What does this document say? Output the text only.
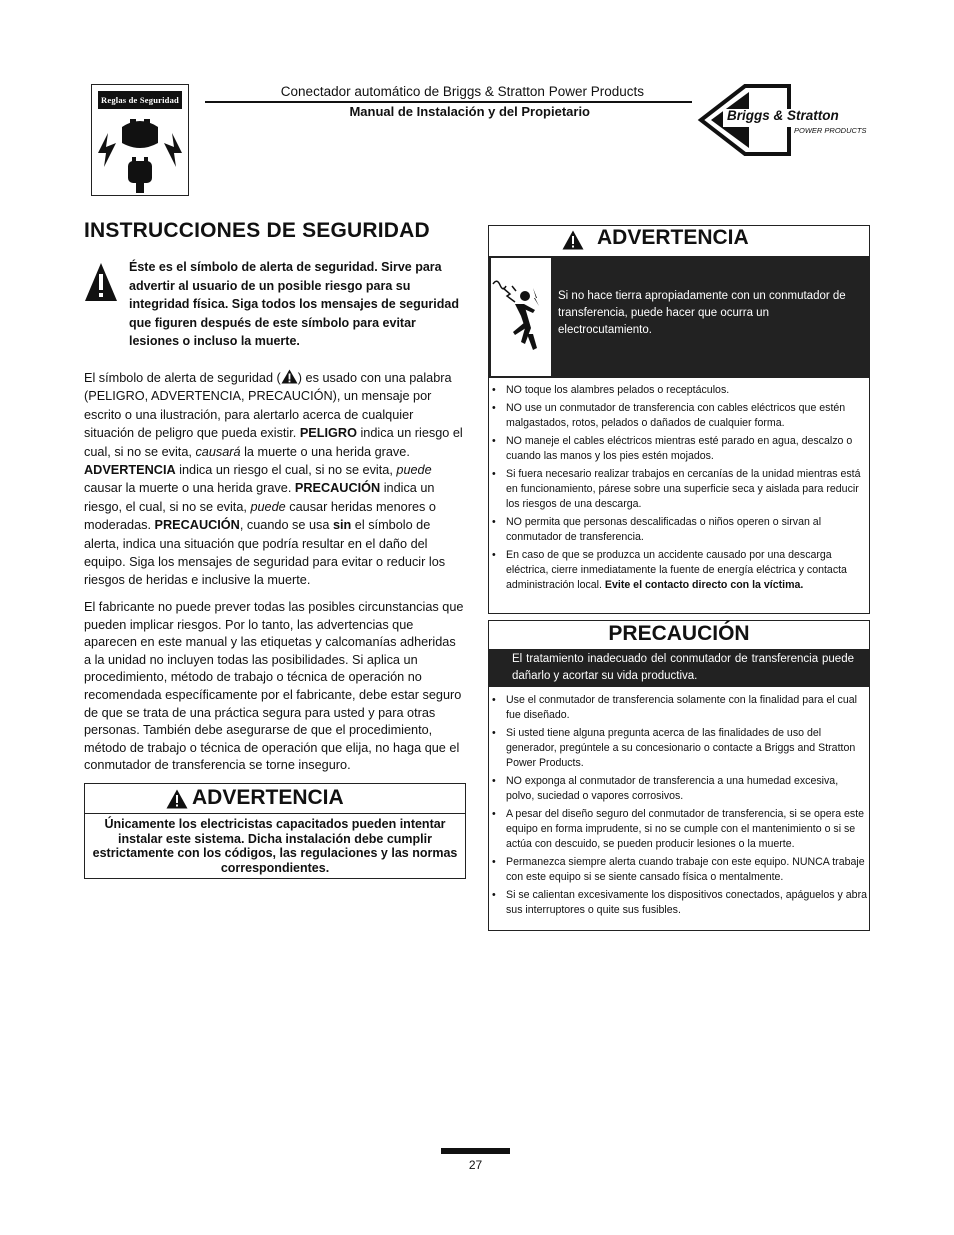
Reglas de Seguridad
Conectador automático de Briggs & Stratton Power Products
Manual de Instalación y del Propietario	Briggs & Stratton
POWER PRODUCTS
INSTRUCCIONES DE SEGURIDAD
Éste es el símbolo de alerta de seguridad. Sirve para advertir al usuario de un posible riesgo para su integridad física. Siga todos los mensajes de seguridad que figuren después de este símbolo para evitar lesiones o incluso la muerte.
El símbolo de alerta de seguridad ( ) es usado con una palabra (PELIGRO, ADVERTENCIA, PRECAUCIÓN), un mensaje por escrito o una ilustración, para alertarlo acerca de cualquier situación de peligro que pueda existir. PELIGRO indica un riesgo el cual, si no se evita, causará la muerte o una herida grave. ADVERTENCIA indica un riesgo el cual, si no se evita, puede causar la muerte o una herida grave. PRECAUCIÓN indica un riesgo, el cual, si no se evita, puede causar heridas menores o moderadas. PRECAUCIÓN, cuando se usa sin el símbolo de alerta, indica una situación que podría resultar en el daño del equipo. Siga los mensajes de seguridad para evitar o reducir los riesgos de heridas e inclusive la muerte.
El fabricante no puede prever todas las posibles circunstancias que pueden implicar riesgos. Por lo tanto, las advertencias que aparecen en este manual y las etiquetas y calcomanías adheridas a la unidad no incluyen todas las posibilidades. Si aplica un procedimiento, método de trabajo o técnica de operación no recomendada específicamente por el fabricante, debe estar seguro de que se trata de una práctica segura para usted y para otras personas. También debe asegurarse de que el procedimiento, método de trabajo o técnica de operación que elija, no haga que el conmutador de transferencia se torne inseguro.
ADVERTENCIA
Únicamente los electricistas capacitados pueden intentar instalar este sistema. Dicha instalación debe cumplir estrictamente con los códigos, las regulaciones y las normas correspondientes.
ADVERTENCIA
Si no hace tierra apropiadamente con un conmutador de transferencia, puede hacer que ocurra un electrocutamiento.
• NO toque los alambres pelados o receptáculos.
• NO use un conmutador de transferencia con cables eléctricos que estén malgastados, rotos, pelados o dañados de cualquier forma.
• NO maneje el cables eléctricos mientras esté parado en agua, descalzo o cuando las manos y los pies estén mojados.
• Si fuera necesario realizar trabajos en cercanías de la unidad mientras está en funcionamiento, párese sobre una superficie seca y aislada para reducir los riesgos de una descarga.
• NO permita que personas descalificadas o niños operen o sirvan al conmutador de transferencia.
• En caso de que se produzca un accidente causado por una descarga eléctrica, cierre inmediatamente la fuente de energía eléctrica y contacta administración local. Evite el contacto directo con la víctima.
PRECAUCIÓN
El tratamiento inadecuado del conmutador de transferencia puede dañarlo y acortar su vida productiva.
• Use el conmutador de transferencia solamente con la finalidad para el cual fue diseñado.
• Si usted tiene alguna pregunta acerca de las finalidades de uso del generador, pregúntele a su concesionario o contacte a Briggs and Stratton Power Products.
• NO exponga al conmutador de transferencia a una humedad excesiva, polvo, suciedad o vapores corrosivos.
• A pesar del diseño seguro del conmutador de transferencia, si se opera este equipo en forma imprudente, si no se cumple con el mantenimiento o si se actúa con descuido, se pueden producir lesiones o la muerte.
• Permanezca siempre alerta cuando trabaje con este equipo. NUNCA trabaje con este equipo si se siente cansado física o mentalmente.
• Si se calientan excesivamente los dispositivos conectados, apáguelos y abra sus interruptores o quite sus fusibles.
27
